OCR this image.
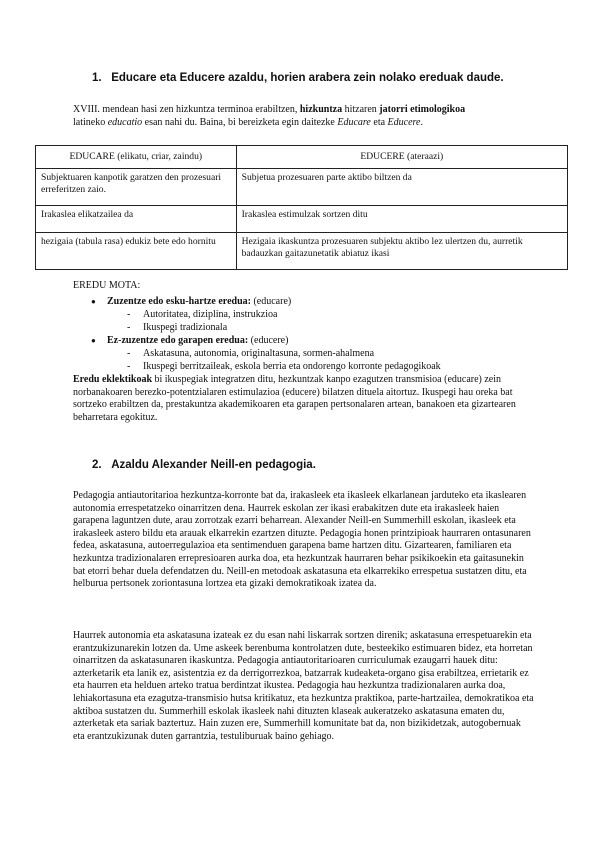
1. Educare eta Educere azaldu, horien arabera zein nolako ereduak daude.
XVIII. mendean hasi zen hizkuntza terminoa erabiltzen, hizkuntza hitzaren jatorri etimologikoa
latineko educatio esan nahi du. Baina, bi bereizketa egin daitezke Educare eta Educere.
EDUCARE (elikatu, criar, zaindu)	EDUCERE (ateraazi)
Subjektuaren kanpotik garatzen den prozesuari erreferitzen zaio.	Subjetua prozesuaren parte aktibo biltzen da
Irakaslea elikatzailea da	Irakaslea estimulzak sortzen ditu
hezigaia (tabula rasa) edukiz bete edo hornitu	Hezigaia ikaskuntza prozesuaren subjektu aktibo lez ulertzen du, aurretik badauzkan gaitazunetatik abiatuz ikasi
EREDU MOTA:
● Zuzentze edo esku-hartze eredua: (educare)
- Autoritatea, diziplina, instrukzioa
- Ikuspegi tradizionala
● Ez-zuzentze edo garapen eredua: (educere)
- Askatasuna, autonomia, originaltasuna, sormen-ahalmena
- Ikuspegi berritzaileak, eskola berria eta ondorengo korronte pedagogikoak
Eredu eklektikoak bi ikuspegiak integratzen ditu, hezkuntzak kanpo ezagutzen transmisioa (educare) zein norbanakoaren berezko-potentzialaren estimulazioa (educere) bilatzen dituela aitortuz. Ikuspegi hau oreka bat sortzeko erabiltzen da, prestakuntza akademikoaren eta garapen pertsonalaren artean, banakoen eta gizartearen beharretara egokituz.
2. Azaldu Alexander Neill-en pedagogia.
Pedagogia antiautoritarioa hezkuntza-korronte bat da, irakasleek eta ikasleek elkarlanean jarduteko eta ikaslearen autonomia errespetatzeko oinarritzen dena. Haurrek eskolan zer ikasi erabakitzen dute eta irakasleek haien garapena laguntzen dute, arau zorrotzak ezarri beharrean. Alexander Neill-en Summerhill eskolan, ikasleek eta irakasleek astero bildu eta arauak elkarrekin ezartzen dituzte. Pedagogia honen printzipioak haurraren ontasunaren fedea, askatasuna, autoerregulazioa eta sentimenduen garapena bame hartzen ditu. Gizartearen, familiaren eta hezkuntza tradizionalaren errepresioaren aurka doa, eta hezkuntzak haurraren behar psikikoekin eta gaitasunekin bat etorri behar duela defendatzen du. Neill-en metodoak askatasuna eta elkarrekiko errespetua sustatzen ditu, eta helburua pertsonek zoriontasuna lortzea eta gizaki demokratikoak izatea da.
Haurrek autonomia eta askatasuna izateak ez du esan nahi liskarrak sortzen direnik; askatasuna errespetuarekin eta erantzukizunarekin lotzen da. Ume askeek berenbuma kontrolatzen dute, besteekiko estimuaren bidez, eta horretan oinarritzen da askatasunaren ikaskuntza. Pedagogia antiautoritarioaren curriculumak ezaugarri hauek ditu: azterketarik eta lanik ez, asistentzia ez da derrigorrezkoa, batzarrak kudeaketa-organo gisa erabiltzea, errietarik ez eta haurren eta helduen arteko tratua berdintzat ikustea. Pedagogia hau hezkuntza tradizionalaren aurka doa, lehiakortasuna eta ezagutza-transmisio hutsa kritikatuz, eta hezkuntza praktikoa, parte-hartzailea, demokratikoa eta aktiboa sustatzen du. Summerhill eskolak ikasleek nahi dituzten klaseak aukeratzeko askatasuna ematen du, azterketak eta sariak baztertuz. Hain zuzen ere, Summerhill komunitate bat da, non bizikidetzak, autogobernuak eta erantzukizunak duten garrantzia, testuliburuak baino gehiago.
